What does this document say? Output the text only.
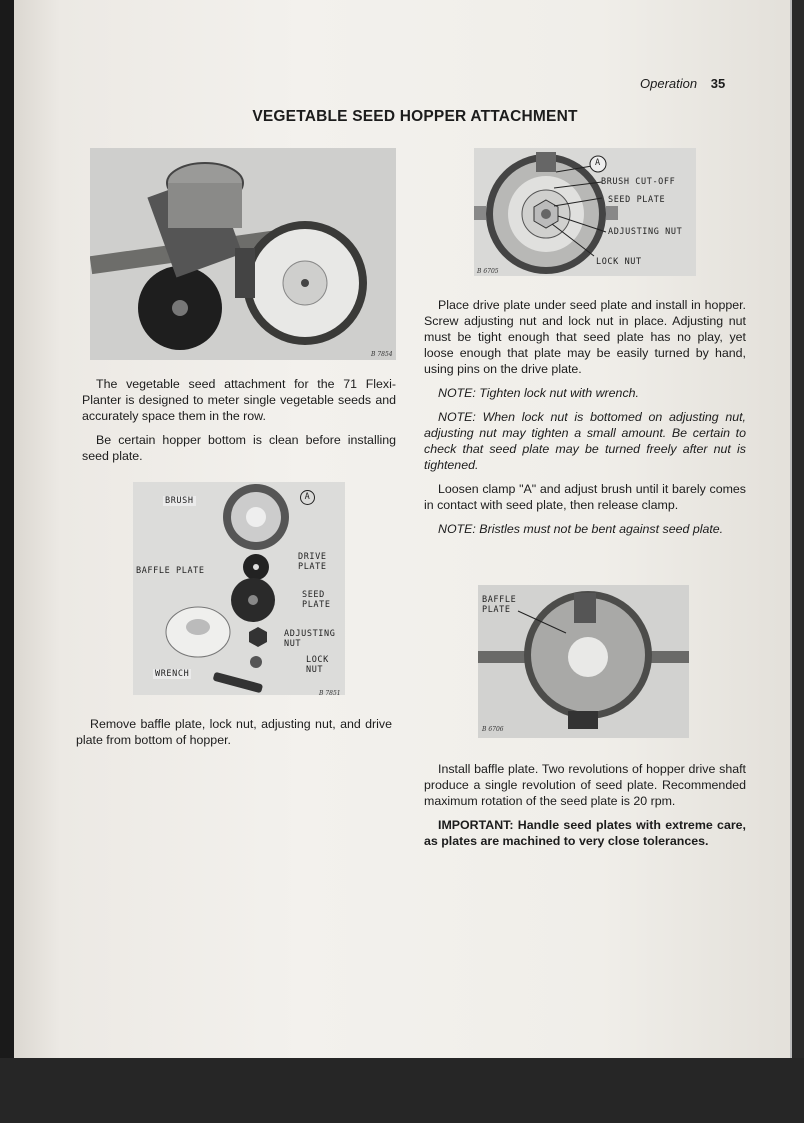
Operation 35
VEGETABLE SEED HOPPER ATTACHMENT
B 7854
A
BRUSH CUT-OFF
SEED PLATE
ADJUSTING NUT
LOCK NUT
B 6705

The vegetable seed attachment for the 71 Flexi-Planter is designed to meter single vegetable seeds and accurately space them in the row.

Be certain hopper bottom is clean before installing seed plate.

BRUSH	A
DRIVE
PLATE
BAFFLE PLATE
SEED
PLATE
ADJUSTING
NUT
LOCK
NUT
WRENCH
B 7851

Remove baffle plate, lock nut, adjusting nut, and drive plate from bottom of hopper.

Place drive plate under seed plate and install in hopper. Screw adjusting nut and lock nut in place. Adjusting nut must be tight enough that seed plate has no play, yet loose enough that plate may be easily turned by hand, using pins on the drive plate.

NOTE: Tighten lock nut with wrench.

NOTE: When lock nut is bottomed on adjusting nut, adjusting nut may tighten a small amount. Be certain to check that seed plate may be turned freely after nut is tightened.

Loosen clamp "A" and adjust brush until it barely comes in contact with seed plate, then release clamp.

NOTE: Bristles must not be bent against seed plate.

BAFFLE
PLATE
B 6706

Install baffle plate. Two revolutions of hopper drive shaft produce a single revolution of seed plate. Recommended maximum rotation of the seed plate is 20 rpm.

IMPORTANT: Handle seed plates with extreme care, as plates are machined to very close tolerances.
